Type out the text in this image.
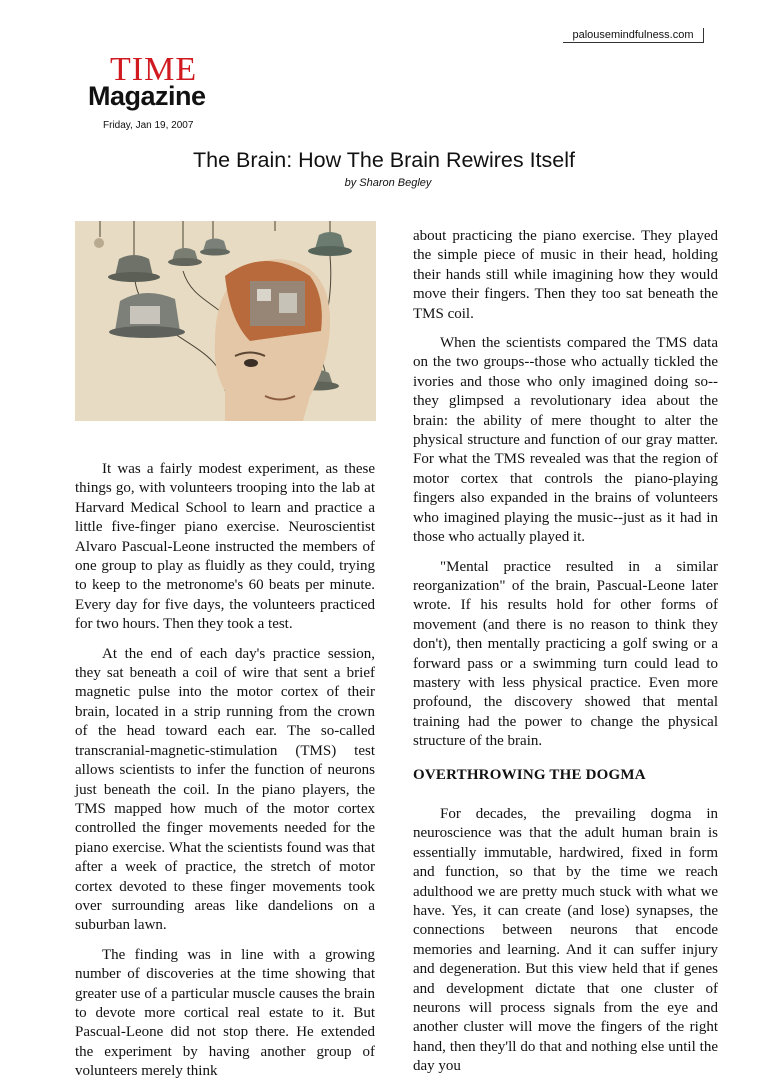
palousemindfulness.com
TIME
Magazine
Friday, Jan 19, 2007
The Brain: How The Brain Rewires Itself
by Sharon Begley

It was a fairly modest experiment, as these things go, with volunteers trooping into the lab at Harvard Medical School to learn and practice a little five-finger piano exercise. Neuroscientist Alvaro Pascual-Leone instructed the members of one group to play as fluidly as they could, trying to keep to the metronome's 60 beats per minute. Every day for five days, the volunteers practiced for two hours. Then they took a test.

At the end of each day's practice session, they sat beneath a coil of wire that sent a brief magnetic pulse into the motor cortex of their brain, located in a strip running from the crown of the head toward each ear. The so-called transcranial-magnetic-stimulation (TMS) test allows scientists to infer the function of neurons just beneath the coil. In the piano players, the TMS mapped how much of the motor cortex controlled the finger movements needed for the piano exercise. What the scientists found was that after a week of practice, the stretch of motor cortex devoted to these finger movements took over surrounding areas like dandelions on a suburban lawn.

The finding was in line with a growing number of discoveries at the time showing that greater use of a particular muscle causes the brain to devote more cortical real estate to it. But Pascual-Leone did not stop there. He extended the experiment by having another group of volunteers merely think

about practicing the piano exercise. They played the simple piece of music in their head, holding their hands still while imagining how they would move their fingers. Then they too sat beneath the TMS coil.

When the scientists compared the TMS data on the two groups--those who actually tickled the ivories and those who only imagined doing so--they glimpsed a revolutionary idea about the brain: the ability of mere thought to alter the physical structure and function of our gray matter. For what the TMS revealed was that the region of motor cortex that controls the piano-playing fingers also expanded in the brains of volunteers who imagined playing the music--just as it had in those who actually played it.

"Mental practice resulted in a similar reorganization" of the brain, Pascual-Leone later wrote. If his results hold for other forms of movement (and there is no reason to think they don't), then mentally practicing a golf swing or a forward pass or a swimming turn could lead to mastery with less physical practice. Even more profound, the discovery showed that mental training had the power to change the physical structure of the brain.

OVERTHROWING THE DOGMA

For decades, the prevailing dogma in neuroscience was that the adult human brain is essentially immutable, hardwired, fixed in form and function, so that by the time we reach adulthood we are pretty much stuck with what we have. Yes, it can create (and lose) synapses, the connections between neurons that encode memories and learning. And it can suffer injury and degeneration. But this view held that if genes and development dictate that one cluster of neurons will process signals from the eye and another cluster will move the fingers of the right hand, then they'll do that and nothing else until the day you
